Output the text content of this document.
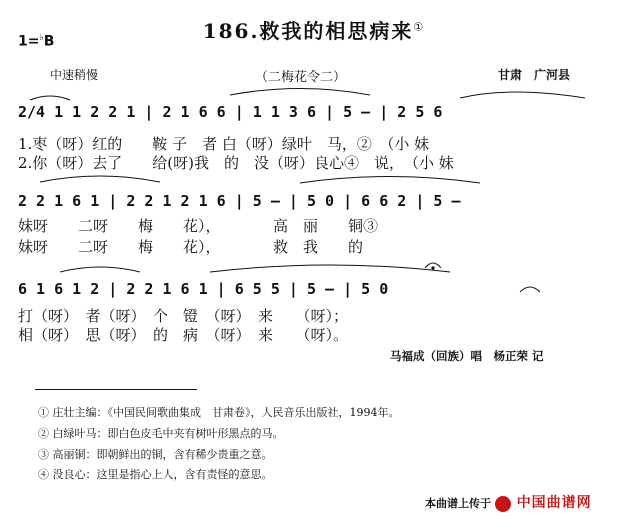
186.救我的相思病来①
1=♭B
中速稍慢	（二梅花令二）	甘肃　广河县
2/4 1 1 2 2 1 | 2 1 6 6 | 1 1 3 6 | 5 — | 2 5 6
1.枣（呀）红的　　鞍 子　者 白（呀）绿叶　马，②　（小 妹
2.你（呀）去了　　给(呀)我　的　没（呀）良心④　说，　（小 妹
2 2 1 6 1 | 2 2 1 2 1 6 | 5 — | 5 0 | 6 6 2 | 5 —
妹呀　　二呀　　梅　　花），　　　　高　丽　　铜③
妹呀　　二呀　　梅　　花），　　　　救　我　　的
6 1 6 1 2 | 2 2 1 6 1 | 6 5 5 | 5 — | 5 0
打（呀）　者（呀）　个　镫　（呀）　来　　（呀）；
相（呀）　思（呀）　的　病　（呀）　来　　（呀）。
马福成（回族）唱　杨正荣 记
① 庄壮主编：《中国民间歌曲集成　甘肃卷》，人民音乐出版社，1994年。
② 白绿叶马：即白色皮毛中夹有树叶形黑点的马。
③ 高丽铜：即朝鲜出的铜，含有稀少贵重之意。
④ 没良心：这里是指心上人，含有责怪的意思。
本曲谱上传于 中国曲谱网
